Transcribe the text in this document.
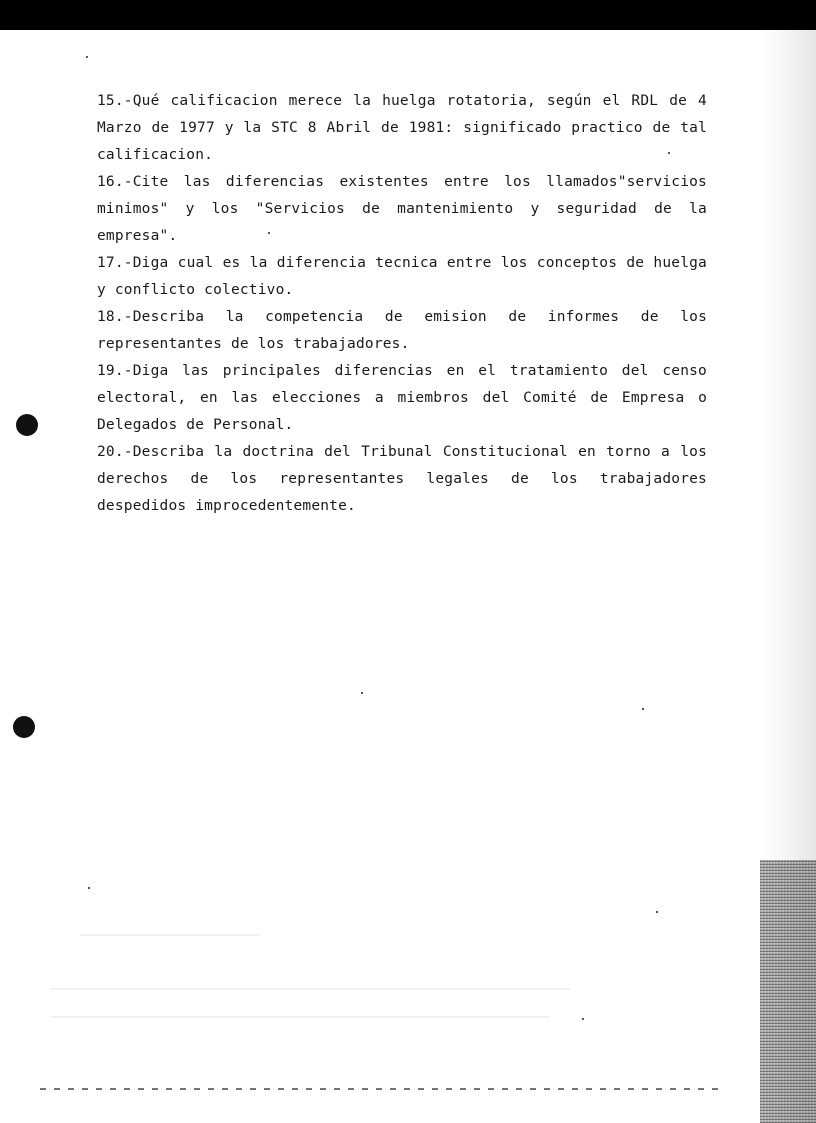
15.-Qué calificacion merece la huelga rotatoria, según el RDL de 4 Marzo de 1977 y la STC 8 Abril de 1981: significado practico de tal calificacion.

16.-Cite las diferencias existentes entre los llamados"servicios minimos" y los "Servicios de mantenimiento y seguridad de la empresa".

17.-Diga cual es la diferencia tecnica entre los conceptos de huelga y conflicto colectivo.

18.-Describa la competencia de emision de informes de los representantes de los trabajadores.

19.-Diga las principales diferencias en el tratamiento del censo electoral, en las elecciones a miembros del Comité de Empresa o Delegados de Personal.

20.-Describa la doctrina del Tribunal Constitucional en torno a los derechos de los representantes legales de los trabajadores despedidos improcedentemente.
